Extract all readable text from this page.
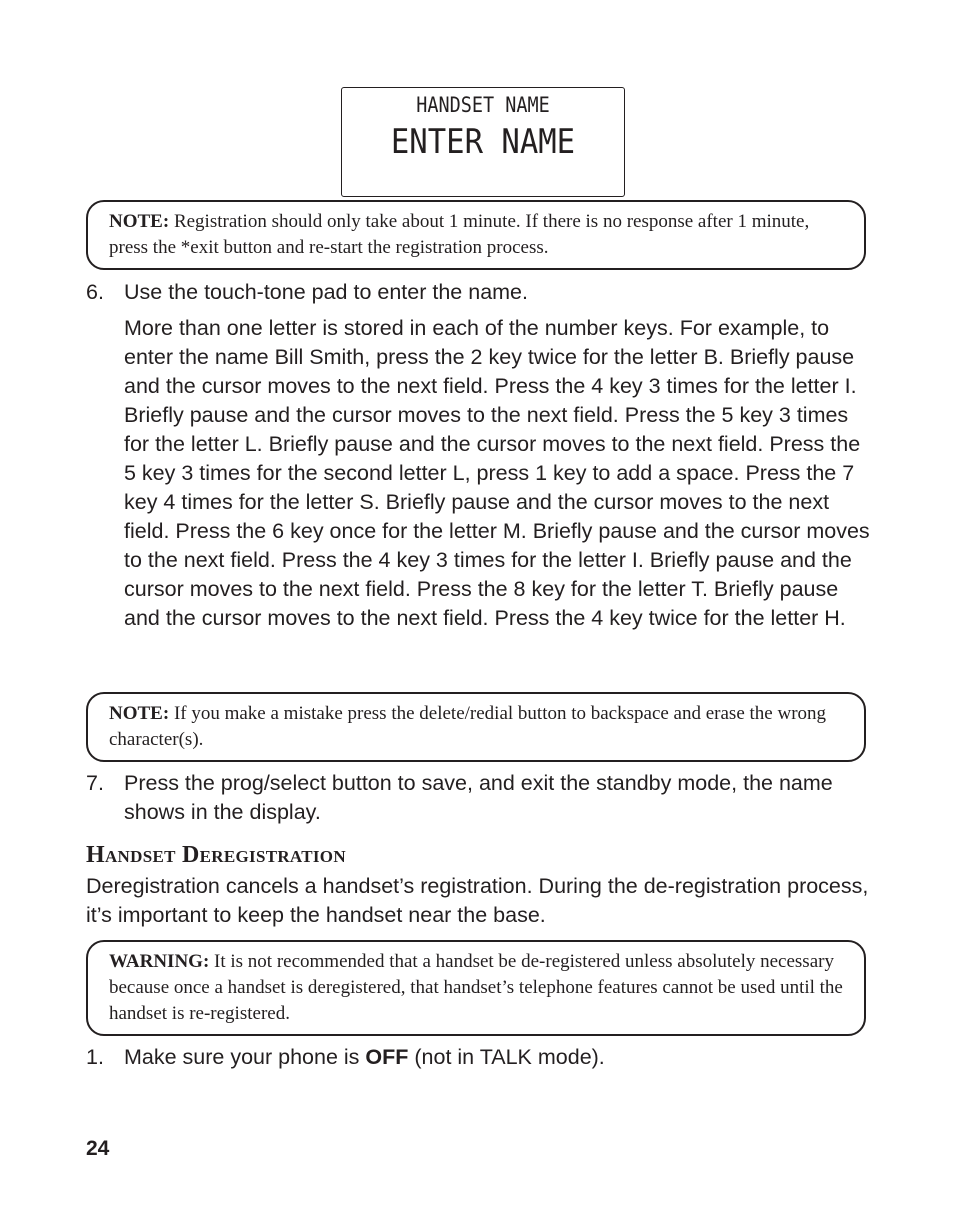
HANDSET NAME
ENTER NAME
NOTE: Registration should only take about 1 minute. If there is no response after 1 minute, press the *exit button and re-start the registration process.
6. Use the touch-tone pad to enter the name.
More than one letter is stored in each of the number keys. For example, to enter the name Bill Smith, press the 2 key twice for the letter B. Briefly pause and the cursor moves to the next field. Press the 4 key 3 times for the letter I. Briefly pause and the cursor moves to the next field. Press the 5 key 3 times for the letter L. Briefly pause and the cursor moves to the next field. Press the 5 key 3 times for the second letter L, press 1 key to add a space. Press the 7 key 4 times for the letter S. Briefly pause and the cursor moves to the next field. Press the 6 key once for the letter M. Briefly pause and the cursor moves to the next field. Press the 4 key 3 times for the letter I. Briefly pause and the cursor moves to the next field. Press the 8 key for the letter T. Briefly pause and the cursor moves to the next field. Press the 4 key twice for the letter H.
NOTE: If you make a mistake press the delete/redial button to backspace and erase the wrong character(s).
7. Press the prog/select button to save, and exit the standby mode, the name shows in the display.
Handset Deregistration
Deregistration cancels a handset’s registration. During the de-registration process, it’s important to keep the handset near the base.
WARNING: It is not recommended that a handset be de-registered unless absolutely necessary because once a handset is deregistered, that handset’s telephone features cannot be used until the handset is re-registered.
1. Make sure your phone is OFF (not in TALK mode).
24
